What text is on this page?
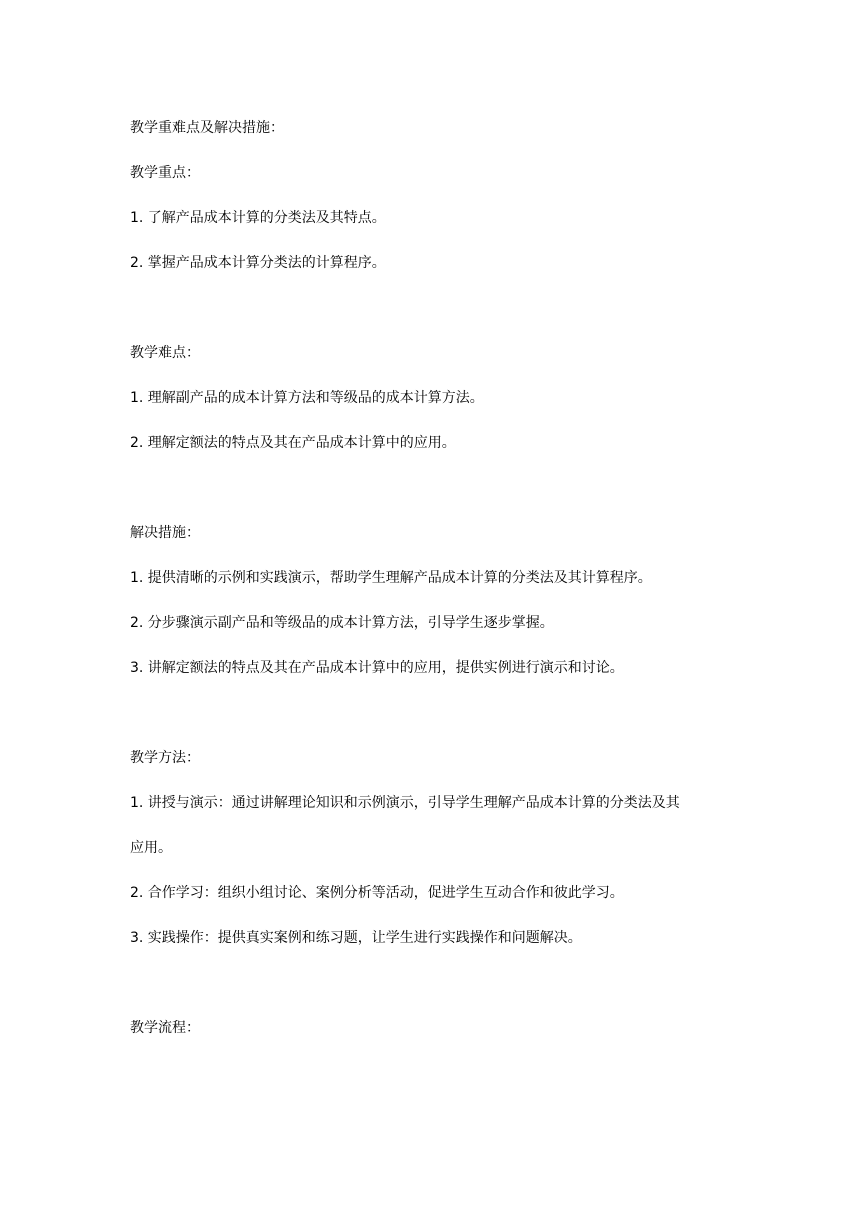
教学重难点及解决措施：
教学重点：
1. 了解产品成本计算的分类法及其特点。
2. 掌握产品成本计算分类法的计算程序。
教学难点：
1. 理解副产品的成本计算方法和等级品的成本计算方法。
2. 理解定额法的特点及其在产品成本计算中的应用。
解决措施：
1. 提供清晰的示例和实践演示，帮助学生理解产品成本计算的分类法及其计算程序。
2. 分步骤演示副产品和等级品的成本计算方法，引导学生逐步掌握。
3. 讲解定额法的特点及其在产品成本计算中的应用，提供实例进行演示和讨论。
教学方法：
1. 讲授与演示：通过讲解理论知识和示例演示，引导学生理解产品成本计算的分类法及其
应用。
2. 合作学习：组织小组讨论、案例分析等活动，促进学生互动合作和彼此学习。
3. 实践操作：提供真实案例和练习题，让学生进行实践操作和问题解决。
教学流程：
